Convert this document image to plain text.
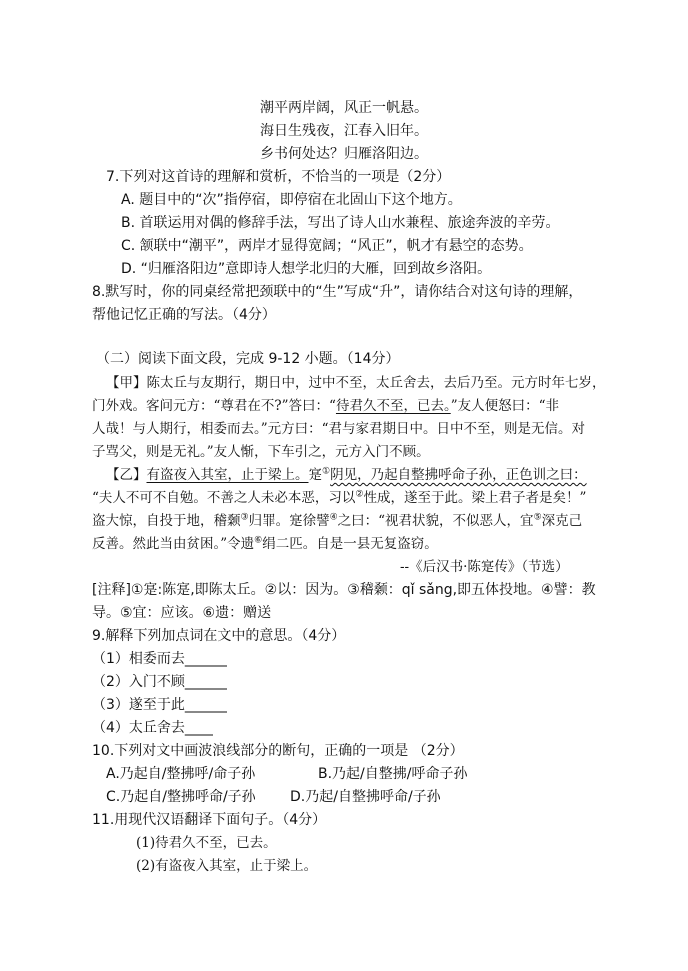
潮平两岸阔，风正一帆悬。
海日生残夜，江春入旧年。
乡书何处达？归雁洛阳边。
7.下列对这首诗的理解和赏析，不恰当的一项是（2分）
A. 题目中的“次”指停宿，即停宿在北固山下这个地方。
B. 首联运用对偶的修辞手法，写出了诗人山水兼程、旅途奔波的辛劳。
C. 颔联中“潮平”，两岸才显得宽阔；“风正”，帆才有悬空的态势。
D. “归雁洛阳边”意即诗人想学北归的大雁，回到故乡洛阳。
8.默写时，你的同桌经常把颈联中的“生”写成“升”，请你结合对这句诗的理解，
帮他记忆正确的写法。（4分）
（二）阅读下面文段，完成 9-12 小题。（14分）
【甲】陈太丘与友期行，期日中，过中不至，太丘舍去，去后乃至。元方时年七岁，
门外戏。客问元方：“尊君在不?”答曰：“待君久不至，已去。”友人便怒曰：“非
人哉！与人期行，相委而去。”元方曰：“君与家君期日中。日中不至，则是无信。对
子骂父，则是无礼。”友人惭，下车引之，元方入门不顾。
【乙】有盗夜入其室，止于梁上。寔①阴见，乃起自整拂呼命子孙，正色训之曰：
“夫人不可不自勉。不善之人未必本恶，习以②性成，遂至于此。梁上君子者是矣！”
盗大惊，自投于地，稽颡③归罪。寔徐譬④之曰：“视君状貌，不似恶人，宜⑤深克己
反善。然此当由贫困。”令遗⑥绢二匹。自是一县无复盗窃。
--《后汉书·陈寔传》（节选）
[注释]①寔:陈寔,即陈太丘。②以：因为。③稽颡：qǐ sǎng,即五体投地。④譬：教
导。⑤宜：应该。⑥遗：赠送
9.解释下列加点词在文中的意思。（4分）
（1）相委而去______
（2）入门不顾______
（3）遂至于此______
（4）太丘舍去____
10.下列对文中画波浪线部分的断句，正确的一项是 （2分）
A.乃起自/整拂呼/命子孙	B.乃起/自整拂/呼命子孙
C.乃起自/整拂呼命/子孙 D.乃起/自整拂呼命/子孙
11.用现代汉语翻译下面句子。（4分）
(1)待君久不至，已去。
(2)有盗夜入其室，止于梁上。
